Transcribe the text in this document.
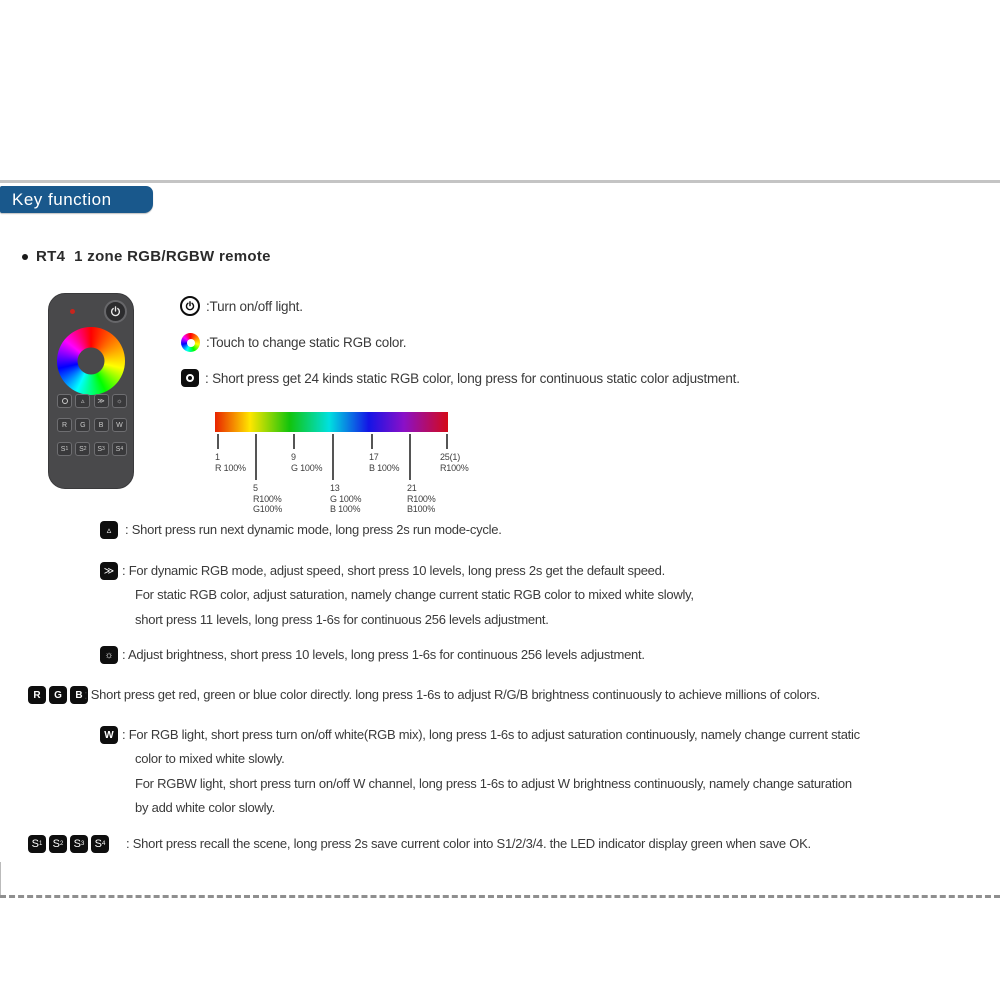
Key function
RT4  1 zone RGB/RGBW remote
▵	≫	☼
R	G	B	W
S 1	S 2	S 3	S 4
:Turn on/off light.
:Touch to change static RGB color.
: Short press get 24 kinds static RGB color, long press for continuous static color adjustment.
1
R 100%
5
R100%
G100%
9
G 100%
13
G 100%
B 100%
17
B 100%
21
R100%
B100%
25(1)
R100%
▵	: Short press run next dynamic mode, long press 2s run mode-cycle.
≫ : For dynamic RGB mode, adjust speed, short press 10 levels, long press 2s get the default speed.
For static RGB color, adjust saturation, namely change current static RGB color to mixed white slowly,
short press 11 levels, long press 1-6s for continuous 256 levels adjustment.
☼ : Adjust brightness, short press 10 levels, long press 1-6s for continuous 256 levels adjustment.
R	G	B : Short press get red, green or blue color directly. long press 1-6s to adjust R/G/B brightness continuously to achieve millions of colors.
W : For RGB light, short press turn on/off white(RGB mix), long press 1-6s to adjust saturation continuously, namely change current static
color to mixed white slowly.
For RGBW light, short press turn on/off W channel, long press 1-6s to adjust W brightness continuously, namely change saturation
by add white color slowly.
S 1 S 2 S 3 S 4 : Short press recall the scene, long press 2s save current color into S1/2/3/4. the LED indicator display green when save OK.
